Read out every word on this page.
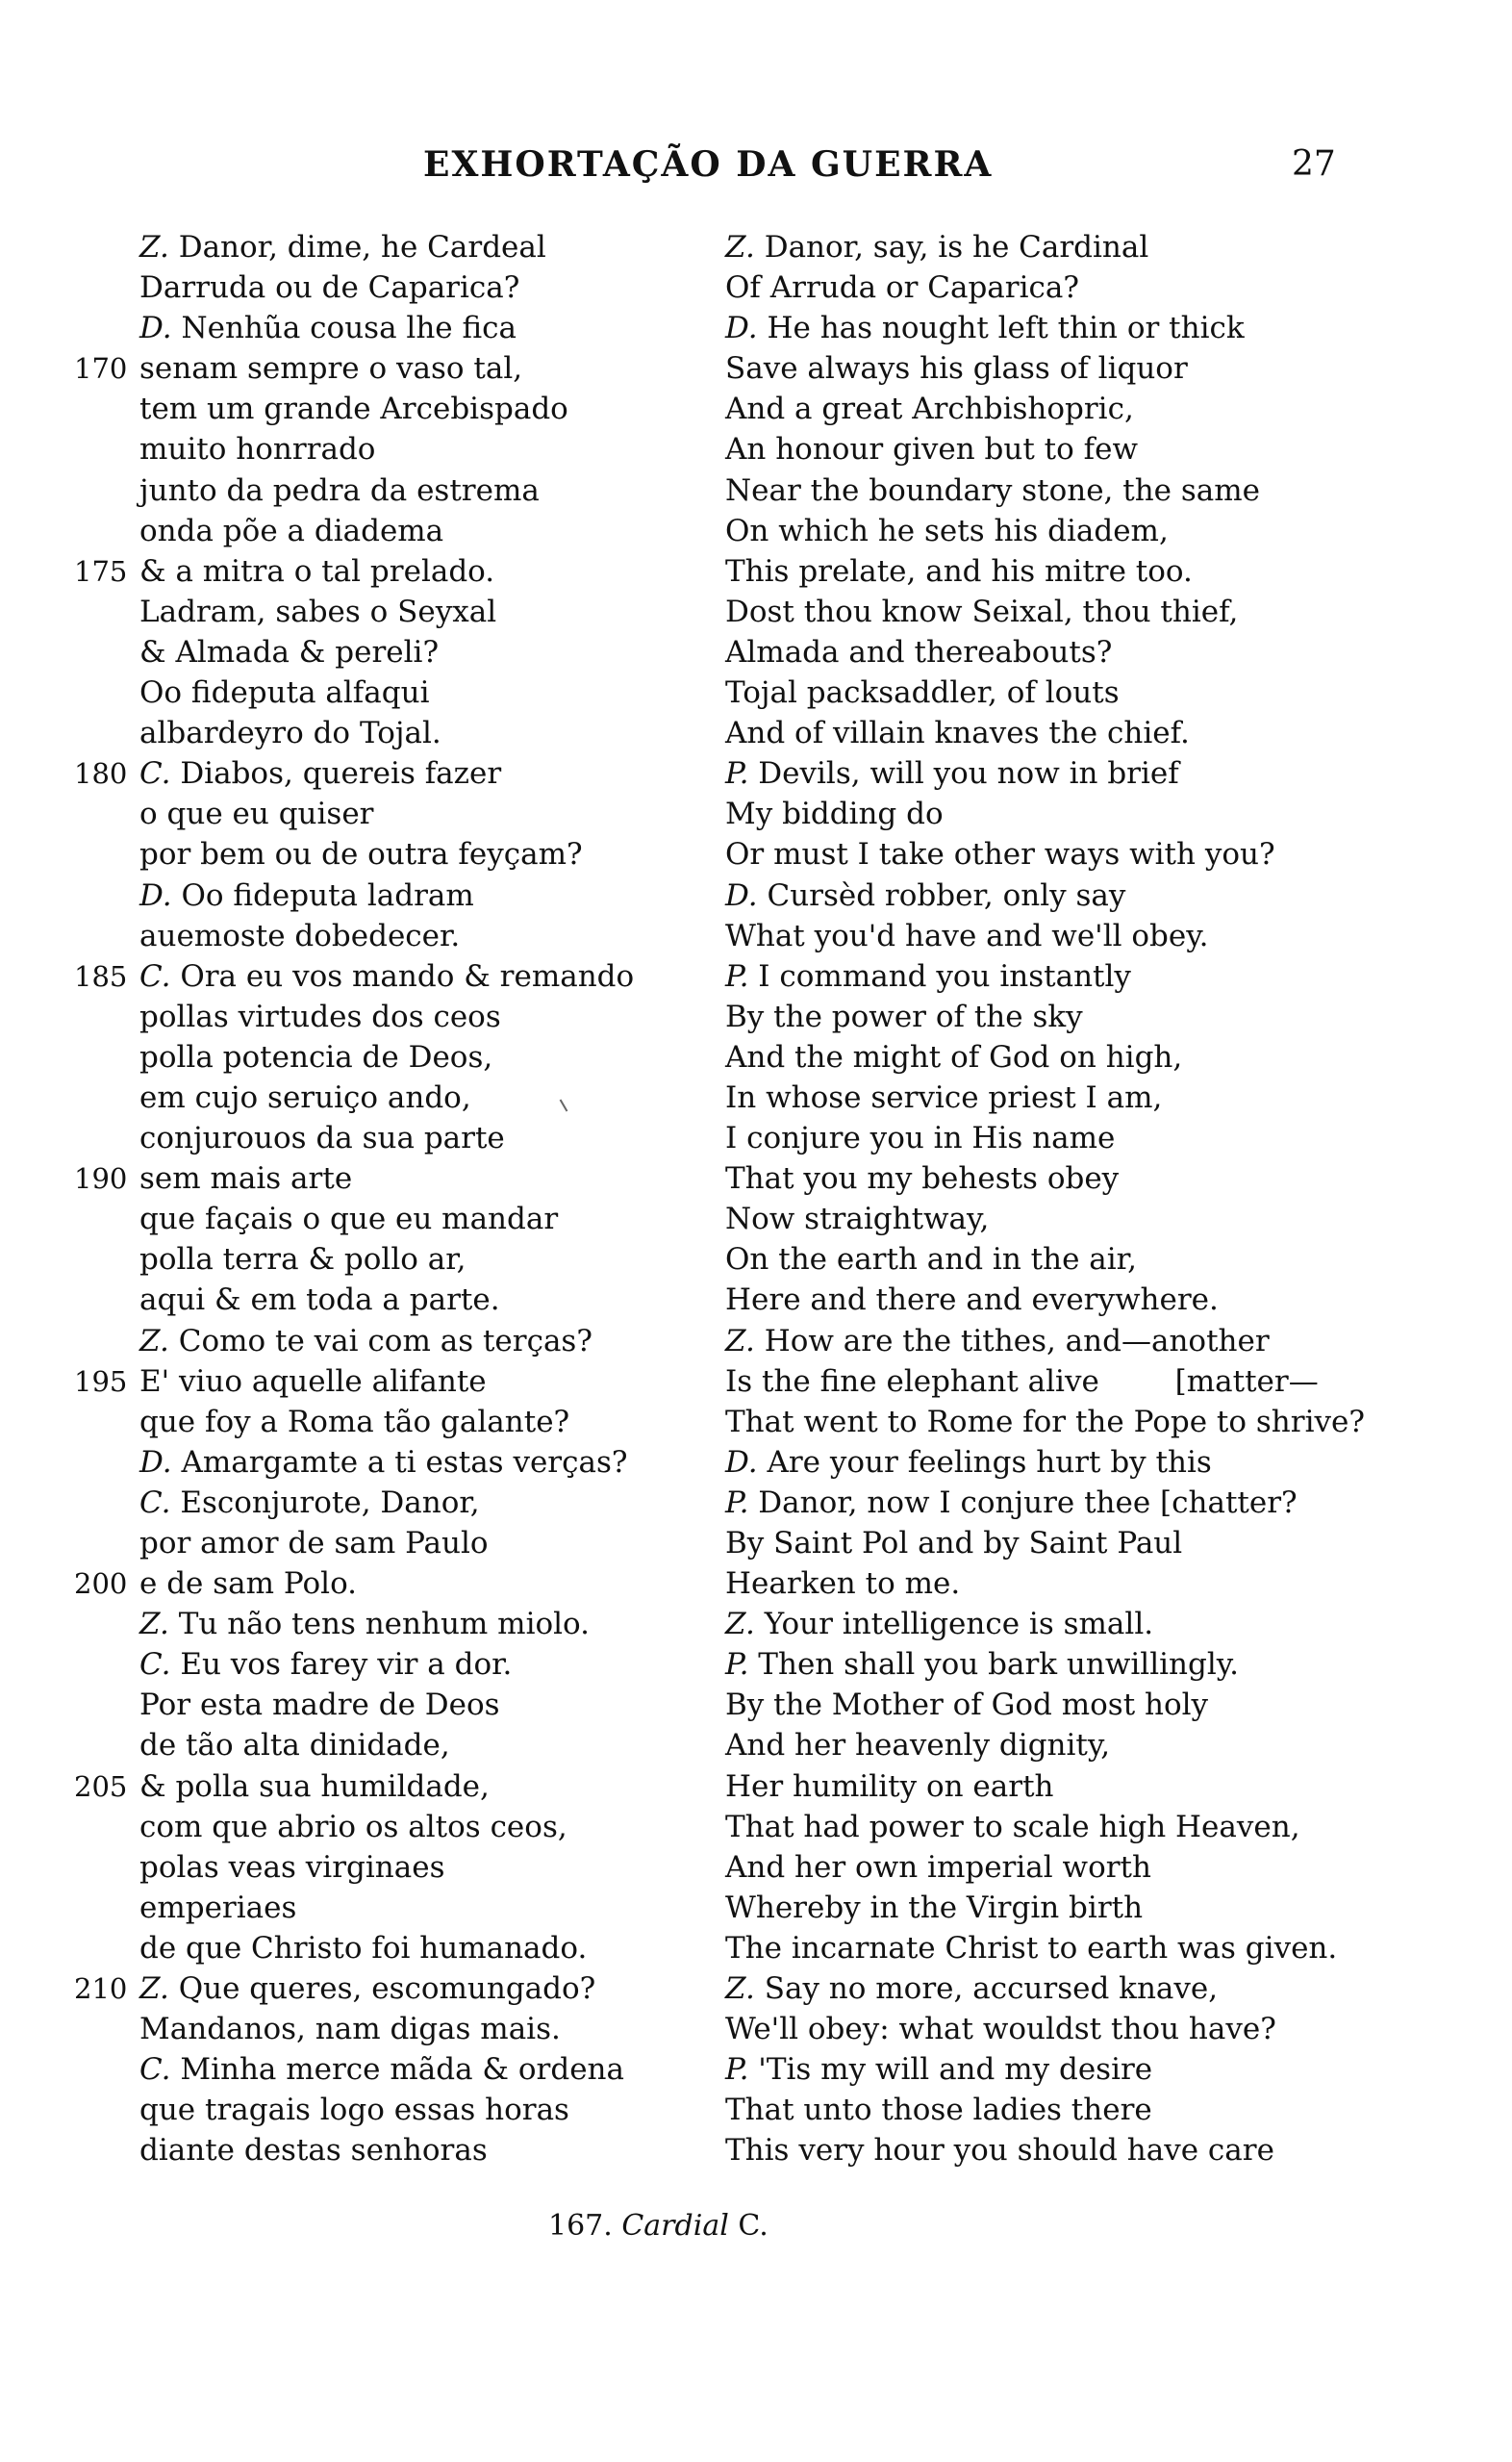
EXHORTAÇÃO DA GUERRA	27
Z. Danor, dime, he Cardeal
Darruda ou de Caparica?
D. Nenhũa cousa lhe fica
170 senam sempre o vaso tal,
tem um grande Arcebispado
muito honrrado
junto da pedra da estrema
onda põe a diadema
175 & a mitra o tal prelado.
Ladram, sabes o Seyxal
& Almada & pereli?
Oo fideputa alfaqui
albardeyro do Tojal.
180 C. Diabos, quereis fazer
o que eu quiser
por bem ou de outra feyçam?
D. Oo fideputa ladram
auemoste dobedecer.
185 C. Ora eu vos mando & remando
pollas virtudes dos ceos
polla potencia de Deos,
em cujo seruiço ando,
conjurouos da sua parte
190 sem mais arte
que façais o que eu mandar
polla terra & pollo ar,
aqui & em toda a parte.
Z. Como te vai com as terças?
195 E' viuo aquelle alifante
que foy a Roma tão galante?
D. Amargamte a ti estas verças?
C. Esconjurote, Danor,
por amor de sam Paulo
200 e de sam Polo.
Z. Tu não tens nenhum miolo.
C. Eu vos farey vir a dor.
Por esta madre de Deos
de tão alta dinidade,
205 & polla sua humildade,
com que abrio os altos ceos,
polas veas virginaes
emperiaes
de que Christo foi humanado.
210 Z. Que queres, escomungado?
Mandanos, nam digas mais.
C. Minha merce mãda & ordena
que tragais logo essas horas
diante destas senhoras
Z. Danor, say, is he Cardinal
Of Arruda or Caparica?
D. He has nought left thin or thick
Save always his glass of liquor
And a great Archbishopric,
An honour given but to few
Near the boundary stone, the same
On which he sets his diadem,
This prelate, and his mitre too.
Dost thou know Seixal, thou thief,
Almada and thereabouts?
Tojal packsaddler, of louts
And of villain knaves the chief.
P. Devils, will you now in brief
My bidding do
Or must I take other ways with you?
D. Cursèd robber, only say
What you'd have and we'll obey.
P. I command you instantly
By the power of the sky
And the might of God on high,
In whose service priest I am,
I conjure you in His name
That you my behests obey
Now straightway,
On the earth and in the air,
Here and there and everywhere.
Z. How are the tithes, and—another
Is the fine elephant alive        [matter—
That went to Rome for the Pope to shrive?
D. Are your feelings hurt by this
P. Danor, now I conjure thee [chatter?
By Saint Pol and by Saint Paul
Hearken to me.
Z. Your intelligence is small.
P. Then shall you bark unwillingly.
By the Mother of God most holy
And her heavenly dignity,
Her humility on earth
That had power to scale high Heaven,
And her own imperial worth
Whereby in the Virgin birth
The incarnate Christ to earth was given.
Z. Say no more, accursed knave,
We'll obey: what wouldst thou have?
P. 'Tis my will and my desire
That unto those ladies there
This very hour you should have care
167. Cardial C.
